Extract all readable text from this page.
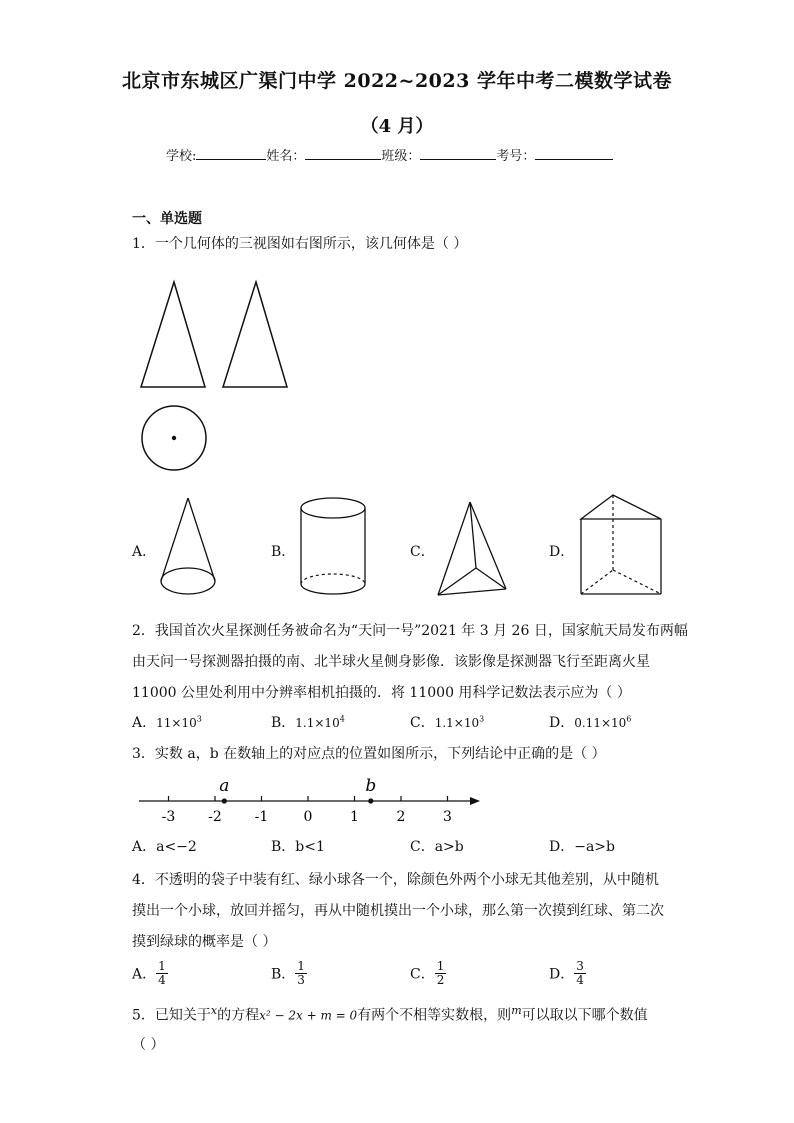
北京市东城区广渠门中学 2022~2023 学年中考二模数学试卷
（4 月）
学校:	姓名：	班级：	考号：
一、单选题
1．一个几何体的三视图如右图所示，该几何体是（ ）
A．	B．	C．	D．
2．我国首次火星探测任务被命名为“天问一号”2021 年 3 月 26 日，国家航天局发布两幅
由天问一号探测器拍摄的南、北半球火星侧身影像．该影像是探测器飞行至距离火星
11000 公里处利用中分辨率相机拍摄的．将 11000 用科学记数法表示应为（ ）
A．$11\times 10^3$	B．$1.1\times 10^4$	C．$1.1\times 10^3$	D．$0.11\times 10^6$
3．实数 a，b 在数轴上的对应点的位置如图所示，下列结论中正确的是（ ）
-3 -2 -1	0	1	2	3
a	b
A．a<−2	B．b<1	C．a>b	D．−a>b
4．不透明的袋子中装有红、绿小球各一个，除颜色外两个小球无其他差别，从中随机
摸出一个小球，放回并摇匀，再从中随机摸出一个小球，那么第一次摸到红球、第二次
摸到绿球的概率是（ ）
A． $\frac{1}{4}$	B． $\frac{1}{3}$	C． $\frac{1}{2}$	D． $\frac{3}{4}$
5．已知关于$^x$的方程x² − 2x + m = 0有两个不相等实数根，则$^m$可以取以下哪个数值
（ ）
